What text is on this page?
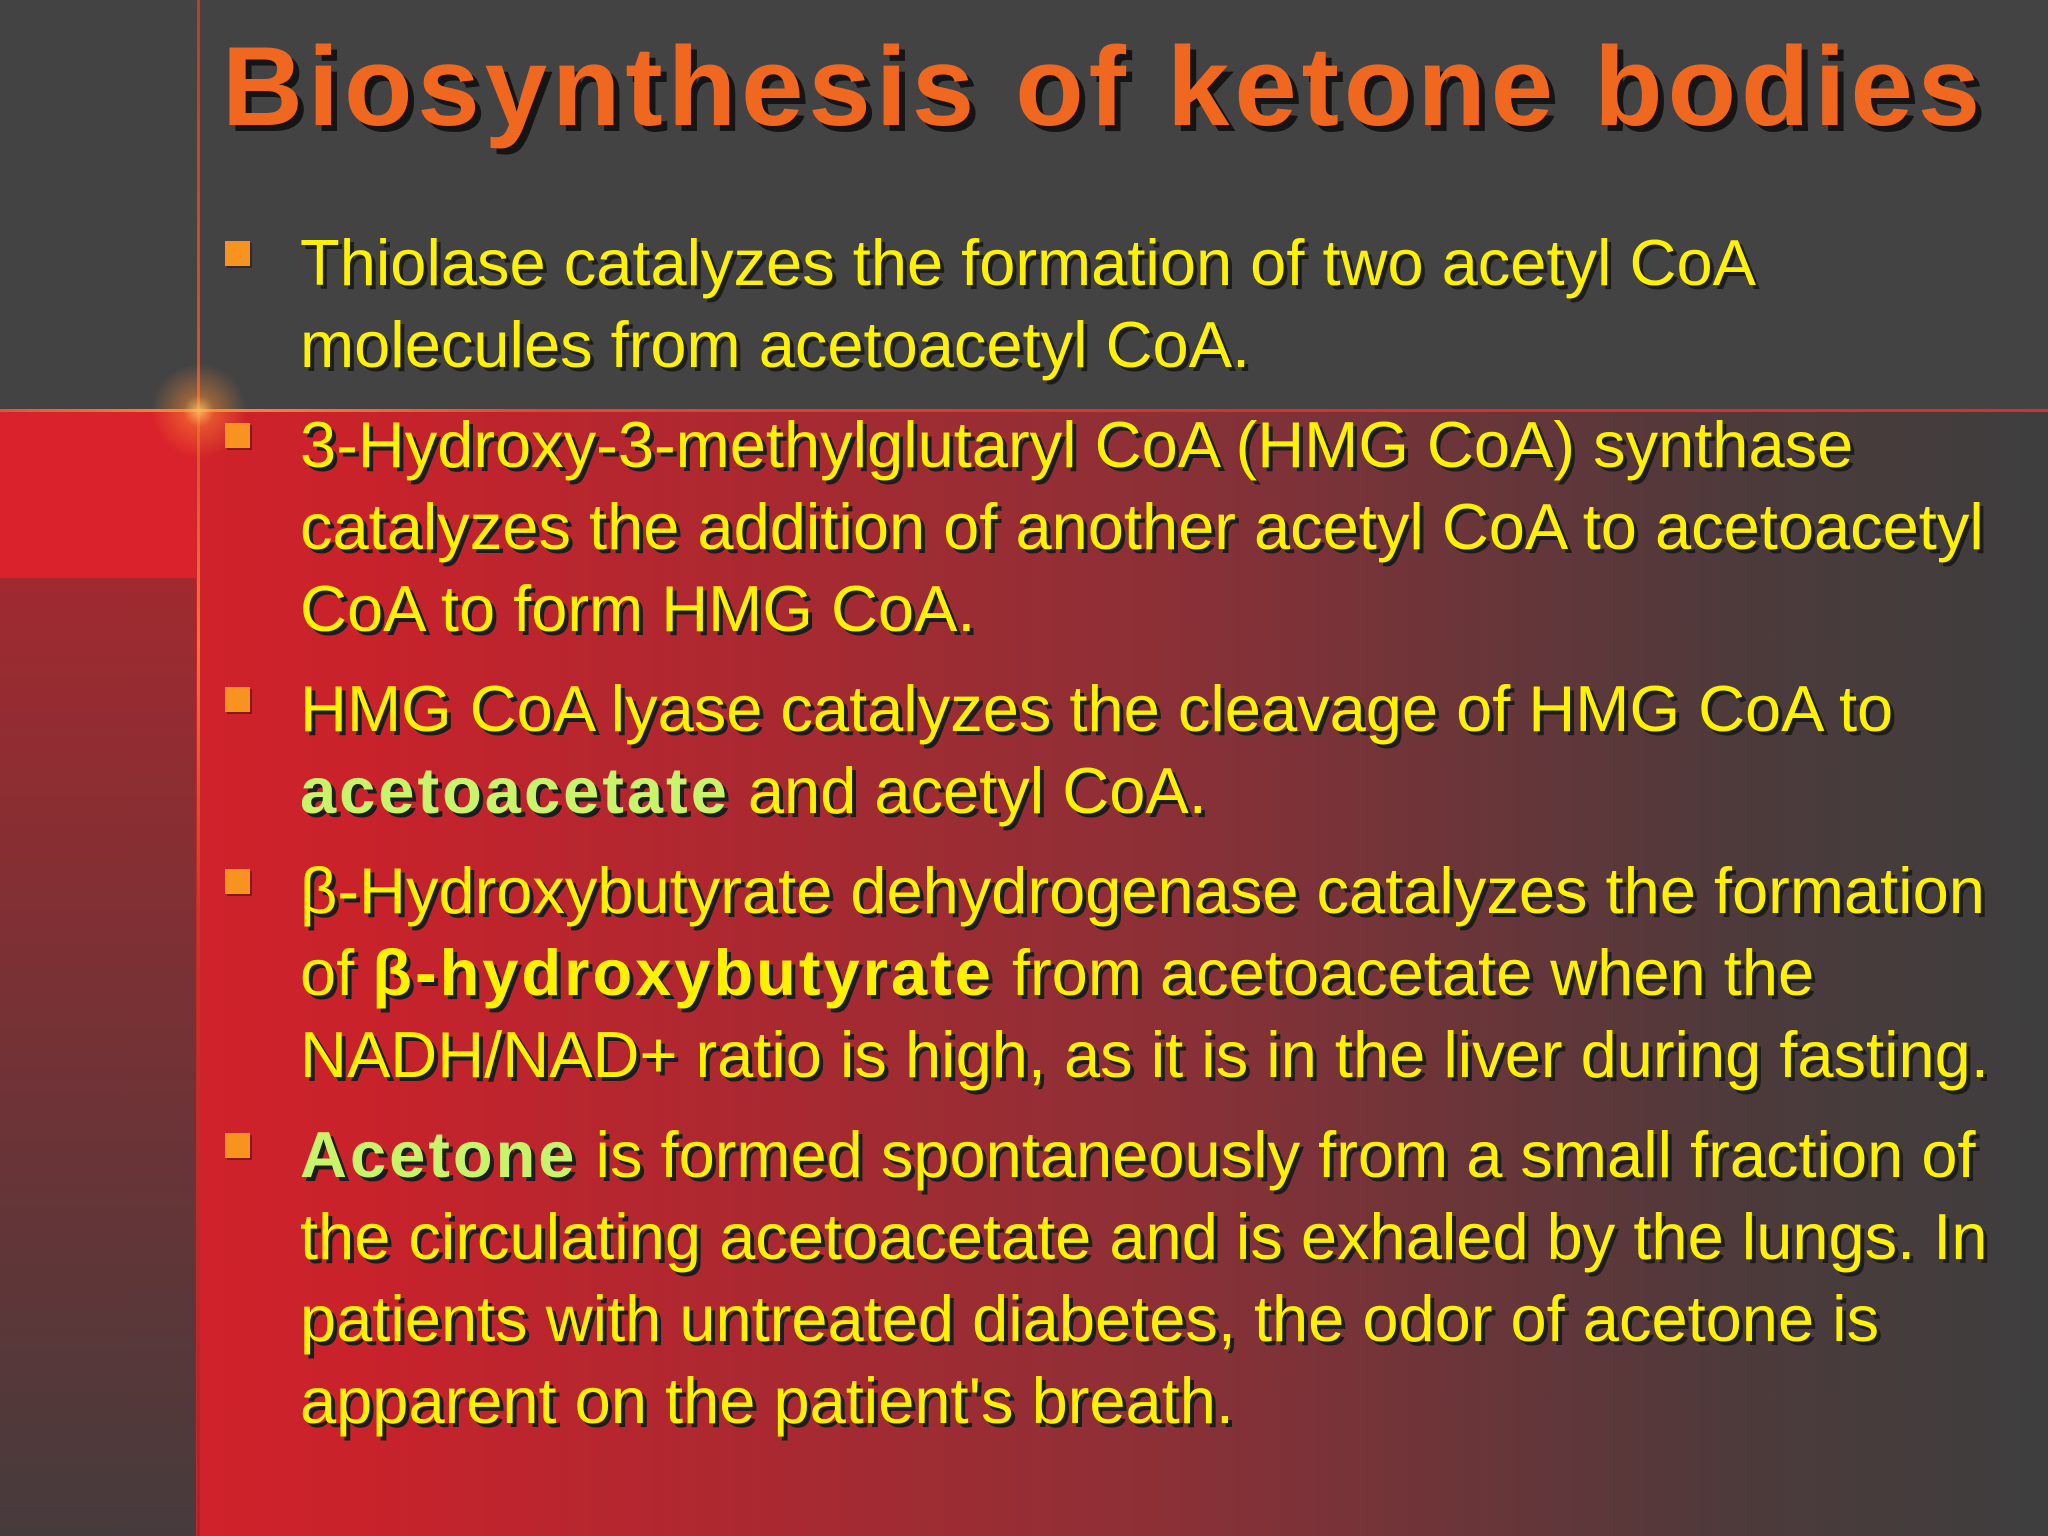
Biosynthesis of ketone bodies
Thiolase catalyzes the formation of two acetyl CoA molecules from acetoacetyl CoA.
3-Hydroxy-3-methylglutaryl CoA (HMG CoA) synthase catalyzes the addition of another acetyl CoA to acetoacetyl CoA to form HMG CoA.
HMG CoA lyase catalyzes the cleavage of HMG CoA to acetoacetate and acetyl CoA.
β-Hydroxybutyrate dehydrogenase catalyzes the formation of β-hydroxybutyrate from acetoacetate when the NADH/NAD+ ratio is high, as it is in the liver during fasting.
Acetone is formed spontaneously from a small fraction of the circulating acetoacetate and is exhaled by the lungs. In patients with untreated diabetes, the odor of acetone is apparent on the patient's breath.
